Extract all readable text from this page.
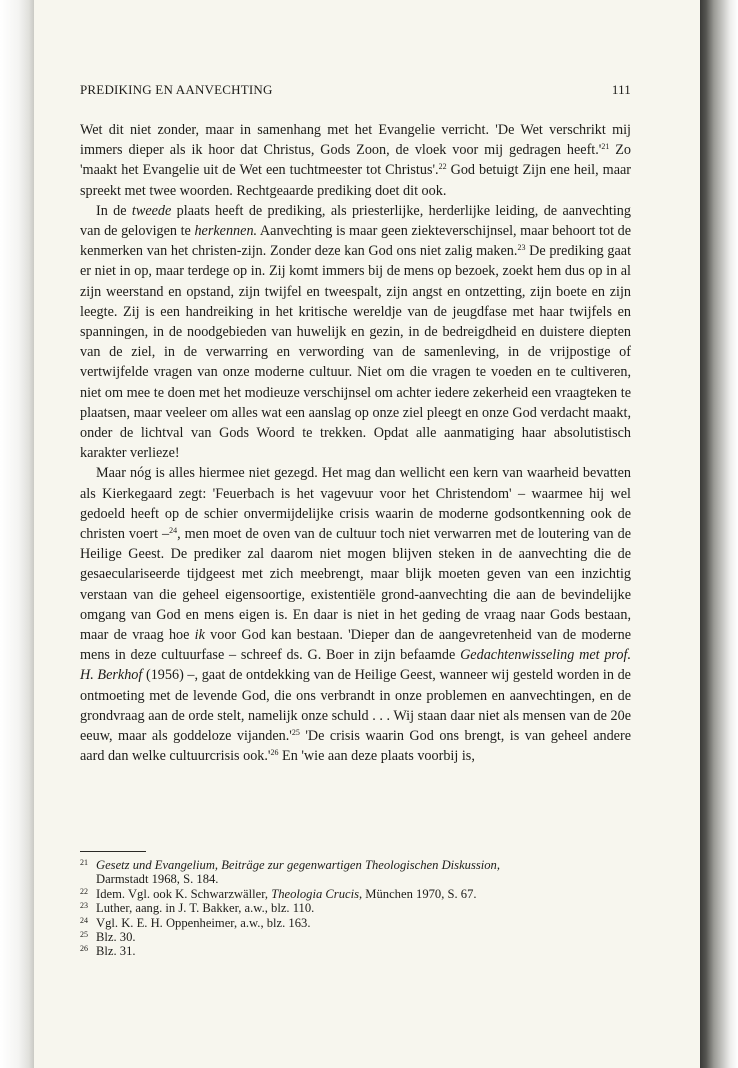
PREDIKING EN AANVECHTING	111

Wet dit niet zonder, maar in samenhang met het Evangelie verricht. 'De Wet verschrikt mij immers dieper als ik hoor dat Christus, Gods Zoon, de vloek voor mij gedragen $heeft.'^{21}$ Zo 'maakt het Evangelie uit de Wet een tuchtmeester tot Christus'.$^{22}$ God betuigt Zijn ene heil, maar spreekt met twee woorden. Rechtgeaarde prediking doet dit ook.

In de tweede plaats heeft de prediking, als priesterlijke, herderlijke leiding, de aanvechting van de gelovigen te herkennen. Aanvechting is maar geen ziekteverschijnsel, maar behoort tot de kenmerken van het christen-zijn. Zonder deze kan God ons niet zalig maken.$^{23}$ De prediking gaat er niet in op, maar terdege op in. Zij komt immers bij de mens op bezoek, zoekt hem dus op in al zijn weerstand en opstand, zijn twijfel en tweespalt, zijn angst en ontzetting, zijn boete en zijn leegte. Zij is een handreiking in het kritische wereldje van de jeugdfase met haar twijfels en spanningen, in de noodgebieden van huwelijk en gezin, in de bedreigdheid en duistere diepten van de ziel, in de verwarring en verwording van de samenleving, in de vrijpostige of vertwijfelde vragen van onze moderne cultuur. Niet om die vragen te voeden en te cultiveren, niet om mee te doen met het modieuze verschijnsel om achter iedere zekerheid een vraagteken te plaatsen, maar veeleer om alles wat een aanslag op onze ziel pleegt en onze God verdacht maakt, onder de lichtval van Gods Woord te trekken. Opdat alle aanmatiging haar absolutistisch karakter verlieze!

Maar nóg is alles hiermee niet gezegd. Het mag dan wellicht een kern van waarheid bevatten als Kierkegaard zegt: 'Feuerbach is het vagevuur voor het Christendom' – waarmee hij wel gedoeld heeft op de schier onvermijdelijke crisis waarin de moderne godsontkenning ook de christen voert –$^{24}$, men moet de oven van de cultuur toch niet verwarren met de loutering van de Heilige Geest. De prediker zal daarom niet mogen blijven steken in de aanvechting die de gesaeculariseerde tijdgeest met zich meebrengt, maar blijk moeten geven van een inzichtig verstaan van die geheel eigensoortige, existentiële grond-aanvechting die aan de bevindelijke omgang van God en mens eigen is. En daar is niet in het geding de vraag naar Gods bestaan, maar de vraag hoe ik voor God kan bestaan. 'Dieper dan de aangevretenheid van de moderne mens in deze cultuurfase – schreef ds. G. Boer in zijn befaamde Gedachtenwisseling met prof. H. Berkhof (1956) –, gaat de ontdekking van de Heilige Geest, wanneer wij gesteld worden in de ontmoeting met de levende God, die ons verbrandt in onze problemen en aanvechtingen, en de grondvraag aan de orde stelt, namelijk onze schuld . . . Wij staan daar niet als mensen van de 20e eeuw, maar als goddeloze $vijanden.'^{25}$ 'De crisis waarin God ons brengt, is van geheel andere aard dan welke cultuurcrisis $ook.'^{26}$ En 'wie aan deze plaats voorbij is,

21 Gesetz und Evangelium, Beiträge zur gegenwartigen Theologischen Diskussion,
Darmstadt 1968, S. 184.
22 Idem. Vgl. ook K. Schwarzwäller, Theologia Crucis, München 1970, S. 67.
23 Luther, aang. in J. T. Bakker, a.w., blz. 110.
24 Vgl. K. E. H. Oppenheimer, a.w., blz. 163.
25 Blz. 30.
26 Blz. 31.
